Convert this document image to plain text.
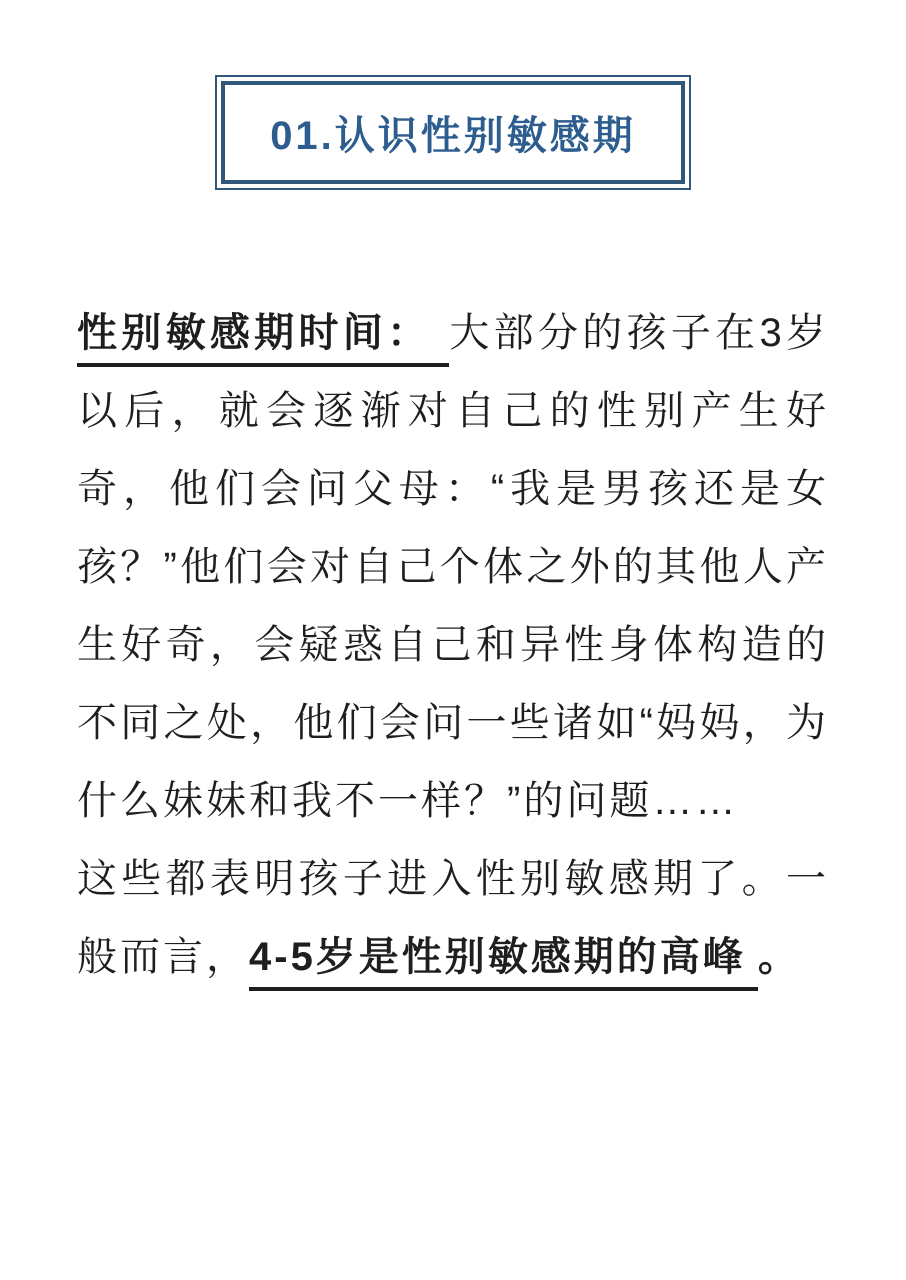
01.认识性别敏感期

性别敏感期时间： 大部分的孩子在3岁以后，就会逐渐对自己的性别产生好奇，他们会问父母：“我是男孩还是女孩？”他们会对自己个体之外的其他人产生好奇，会疑惑自己和异性身体构造的不同之处，他们会问一些诸如“妈妈，为什么妹妹和我不一样？”的问题……

这些都表明孩子进入性别敏感期了。一般而言，4-5岁是性别敏感期的高峰 。
